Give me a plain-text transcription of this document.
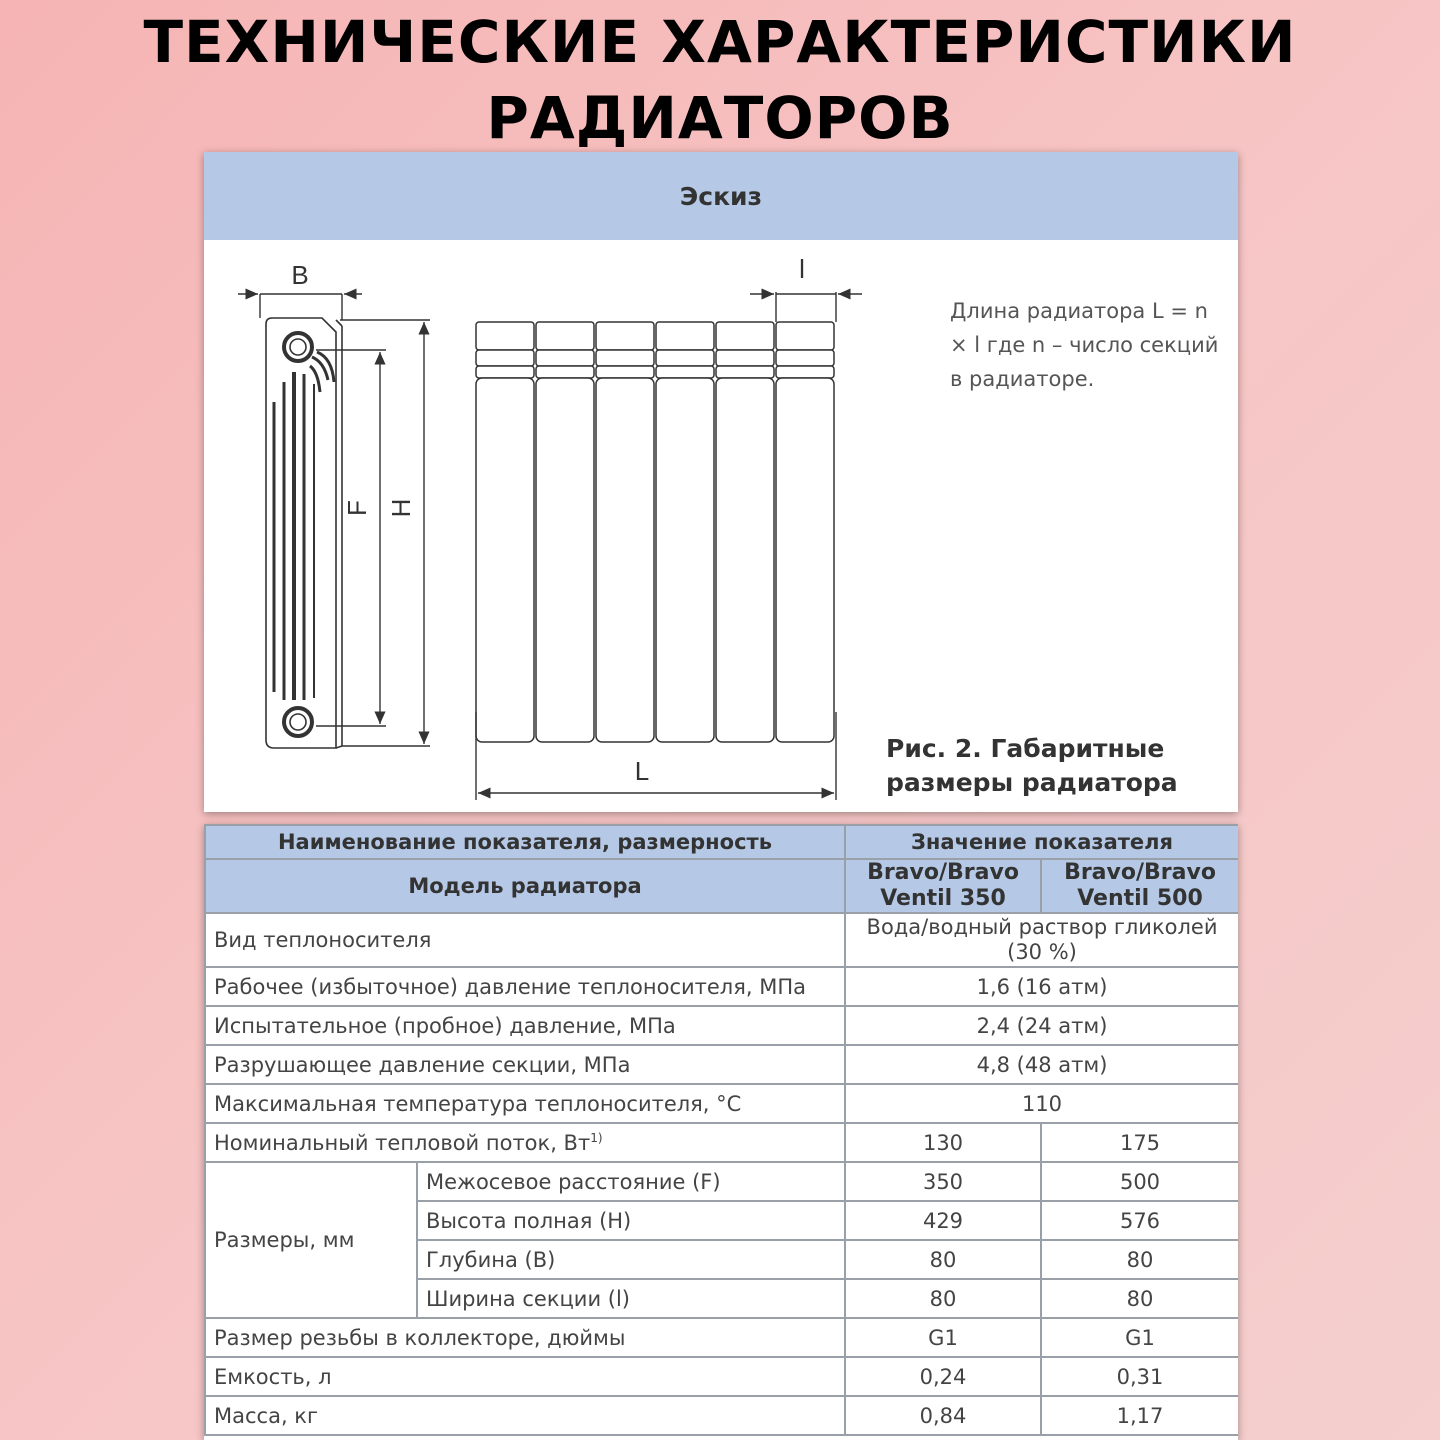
ТЕХНИЧЕСКИЕ ХАРАКТЕРИСТИКИ
РАДИАТОРОВ
Эскиз
B
F H
l
L
Длина радиатора L = n × l где n – число секций в радиаторе.
Рис. 2. Габаритные размеры радиатора
Наименование показателя, размерность		Значение показателя	
Модель радиатора		Bravo/Bravo Ventil 350	Bravo/Bravo Ventil 500
Вид теплоносителя		Вода/водный раствор гликолей (30 %)	
Рабочее (избыточное) давление теплоносителя, МПа		1,6 (16 атм)	
Испытательное (пробное) давление, МПа		2,4 (24 атм)	
Разрушающее давление секции, МПа		4,8 (48 атм)	
Максимальная температура теплоносителя, °С		110	
Номинальный тепловой поток, $Вт^{1)}$		130	175
Размеры, мм	Межосевое расстояние (F)	350	500
	Высота полная (H)	429	576
	Глубина (B)	80	80
	Ширина секции (l)	80	80
Размер резьбы в коллекторе, дюймы		G1	G1
Емкость, л		0,24	0,31
Масса, кг		0,84	1,17
